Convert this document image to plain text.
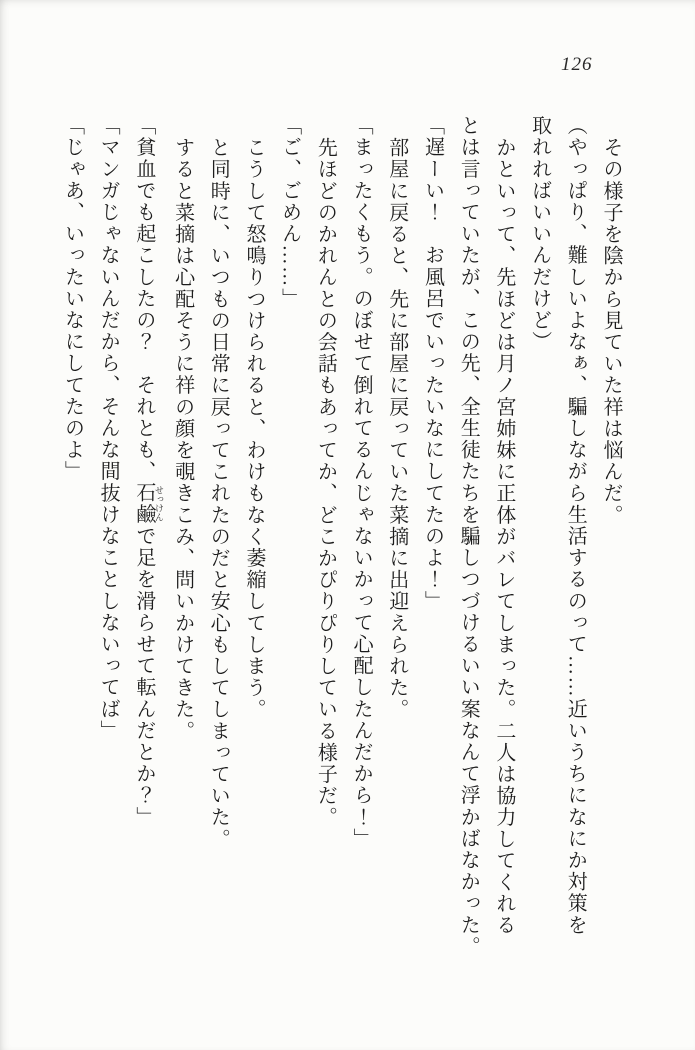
126
その様子を陰から見ていた祥は悩んだ。
（やっぱり、難しいよなぁ、騙しながら生活するのって……近いうちになにか対策を
取れればいいんだけど）
かといって、先ほどは月ノ宮姉妹に正体がバレてしまった。二人は協力してくれる
とは言っていたが、この先、全生徒たちを騙しつづけるいい案なんて浮かばなかった。
「遅ーい！　お風呂でいったいなにしてたのよ！」
部屋に戻ると、先に部屋に戻っていた菜摘に出迎えられた。
「まったくもう。のぼせて倒れてるんじゃないかって心配したんだから！」
先ほどのかれんとの会話もあってか、どこかぴりぴりしている様子だ。
「ご、ごめん……」
こうして怒鳴りつけられると、わけもなく萎縮してしまう。
と同時に、いつもの日常に戻ってこれたのだと安心もしてしまっていた。
すると菜摘は心配そうに祥の顔を覗きこみ、問いかけてきた。
「貧血でも起こしたの？　それとも、石鹼 せっけんで足を滑らせて転んだとか？」
「マンガじゃないんだから、そんな間抜けなことしないってば」
「じゃあ、いったいなにしてたのよ」
